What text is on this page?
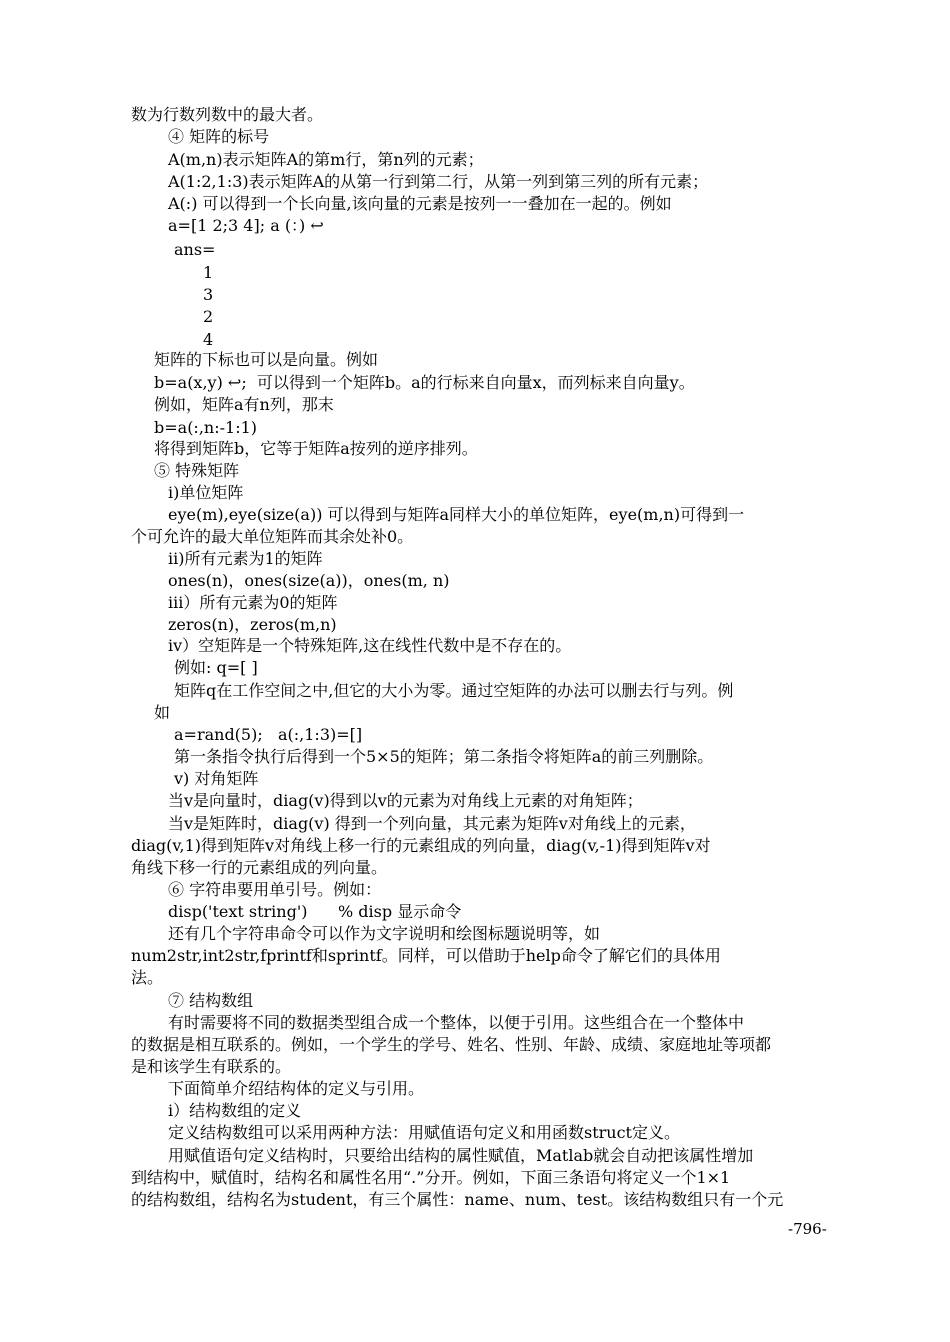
数为行数列数中的最大者。
④ 矩阵的标号
A(m,n)表示矩阵A的第m行，第n列的元素；
A(1:2,1:3)表示矩阵A的从第一行到第二行，从第一列到第三列的所有元素；
A(:) 可以得到一个长向量,该向量的元素是按列一一叠加在一起的。例如
a=[1 2;3 4]; a (：) ↩
ans=
1
3
2
4
矩阵的下标也可以是向量。例如
b=a(x,y) ↩;  可以得到一个矩阵b。a的行标来自向量x，而列标来自向量y。
例如，矩阵a有n列，那末
b=a(:,n:-1:1)
将得到矩阵b，它等于矩阵a按列的逆序排列。
⑤ 特殊矩阵
i)单位矩阵
eye(m),eye(size(a)) 可以得到与矩阵a同样大小的单位矩阵，eye(m,n)可得到一
个可允许的最大单位矩阵而其余处补0。
ii)所有元素为1的矩阵
ones(n)，ones(size(a))，ones(m, n)
iii）所有元素为0的矩阵
zeros(n)，zeros(m,n)
iv）空矩阵是一个特殊矩阵,这在线性代数中是不存在的。
例如: q=[ ]
矩阵q在工作空间之中,但它的大小为零。通过空矩阵的办法可以删去行与列。例
如
a=rand(5);   a(:,1:3)=[]
第一条指令执行后得到一个5×5的矩阵；第二条指令将矩阵a的前三列删除。
v) 对角矩阵
当v是向量时，diag(v)得到以v的元素为对角线上元素的对角矩阵；
当v是矩阵时，diag(v) 得到一个列向量，其元素为矩阵v对角线上的元素，
diag(v,1)得到矩阵v对角线上移一行的元素组成的列向量，diag(v,-1)得到矩阵v对
角线下移一行的元素组成的列向量。
⑥ 字符串要用单引号。例如：
disp('text string')      % disp 显示命令
还有几个字符串命令可以作为文字说明和绘图标题说明等，如
num2str,int2str,fprintf和sprintf。同样，可以借助于help命令了解它们的具体用
法。
⑦ 结构数组
有时需要将不同的数据类型组合成一个整体，以便于引用。这些组合在一个整体中
的数据是相互联系的。例如，一个学生的学号、姓名、性别、年龄、成绩、家庭地址等项都
是和该学生有联系的。
下面简单介绍结构体的定义与引用。
i）结构数组的定义
定义结构数组可以采用两种方法：用赋值语句定义和用函数struct定义。
用赋值语句定义结构时，只要给出结构的属性赋值，Matlab就会自动把该属性增加
到结构中，赋值时，结构名和属性名用“.”分开。例如，下面三条语句将定义一个1×1
的结构数组，结构名为student，有三个属性：name、num、test。该结构数组只有一个元
-796-
